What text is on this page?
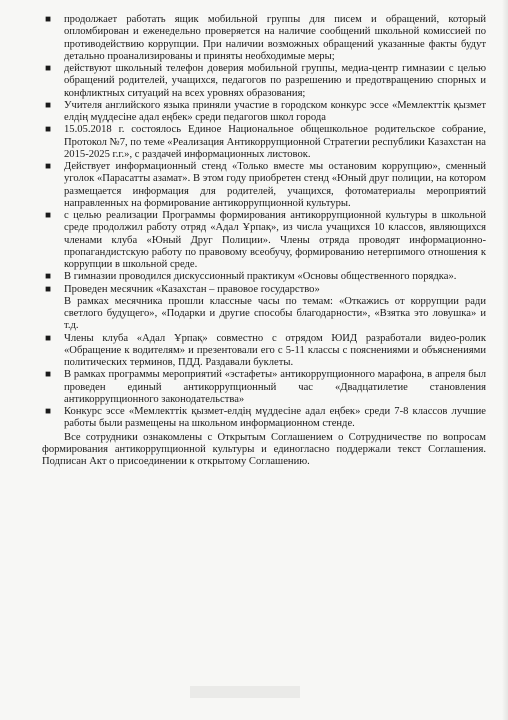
■ продолжает работать ящик мобильной группы для писем и обращений, который опломбирован и еженедельно проверяется на наличие сообщений школьной комиссией по противодействию коррупции. При наличии возможных обращений указанные факты будут детально проанализированы и приняты необходимые меры;
■ действуют школьный телефон доверия мобильной группы, медиа-центр гимназии с целью обращений родителей, учащихся, педагогов по разрешению и предотвращению спорных и конфликтных ситуаций на всех уровнях образования;
■ Учителя английского языка приняли участие в городском конкурс эссе «Мемлекттік қызмет елдің мүддесіне адал еңбек» среди педагогов школ города
■ 15.05.2018 г. состоялось Единое Национальное общешкольное родительское собрание, Протокол №7, по теме «Реализация Антикоррупционной Стратегии республики Казахстан на 2015-2025 г.г.», с раздачей информационных листовок.
■ Действует информационный стенд «Только вместе мы остановим коррупцию», сменный уголок «Парасатты азамат». В этом году приобретен стенд «Юный друг полиции, на котором размещается информация для родителей, учащихся, фотоматериалы мероприятий направленных на формирование антикоррупционной культуры.
■ с целью реализации Программы формирования антикоррупционной культуры в школьной среде продолжил работу отряд «Адал Ұрпақ», из числа учащихся 10 классов, являющихся членами клуба «Юный Друг Полиции». Члены отряда проводят информационно-пропагандистскую работу по правовому всеобучу, формированию нетерпимого отношения к коррупции в школьной среде.
■ В гимназии проводился дискуссионный практикум «Основы общественного порядка».
■ Проведен месячник «Казахстан – правовое государство»
В рамках месячника прошли классные часы по темам: «Откажись от коррупции ради светлого будущего», «Подарки и другие способы благодарности», «Взятка это ловушка» и т.д.
■ Члены клуба «Адал Ұрпақ» совместно с отрядом ЮИД разработали видео-ролик «Обращение к водителям» и презентовали его с 5-11 классы с пояснениями и объяснениями политических терминов, ПДД. Раздавали буклеты.
■ В рамках программы мероприятий «эстафеты» антикоррупционного марафона, в апреля был проведен единый антикоррупционный час «Двадцатилетие становления антикоррупционного законодательства»
■ Конкурс эссе «Мемлекттік қызмет-елдің мүддесіне адал еңбек» среди 7-8 классов лучшие работы были размещены на школьном информационном стенде.

Все сотрудники ознакомлены с Открытым Соглашением о Сотрудничестве по вопросам формирования антикоррупционной культуры и единогласно поддержали текст Соглашения. Подписан Акт о присоединении к открытому Соглашению.
